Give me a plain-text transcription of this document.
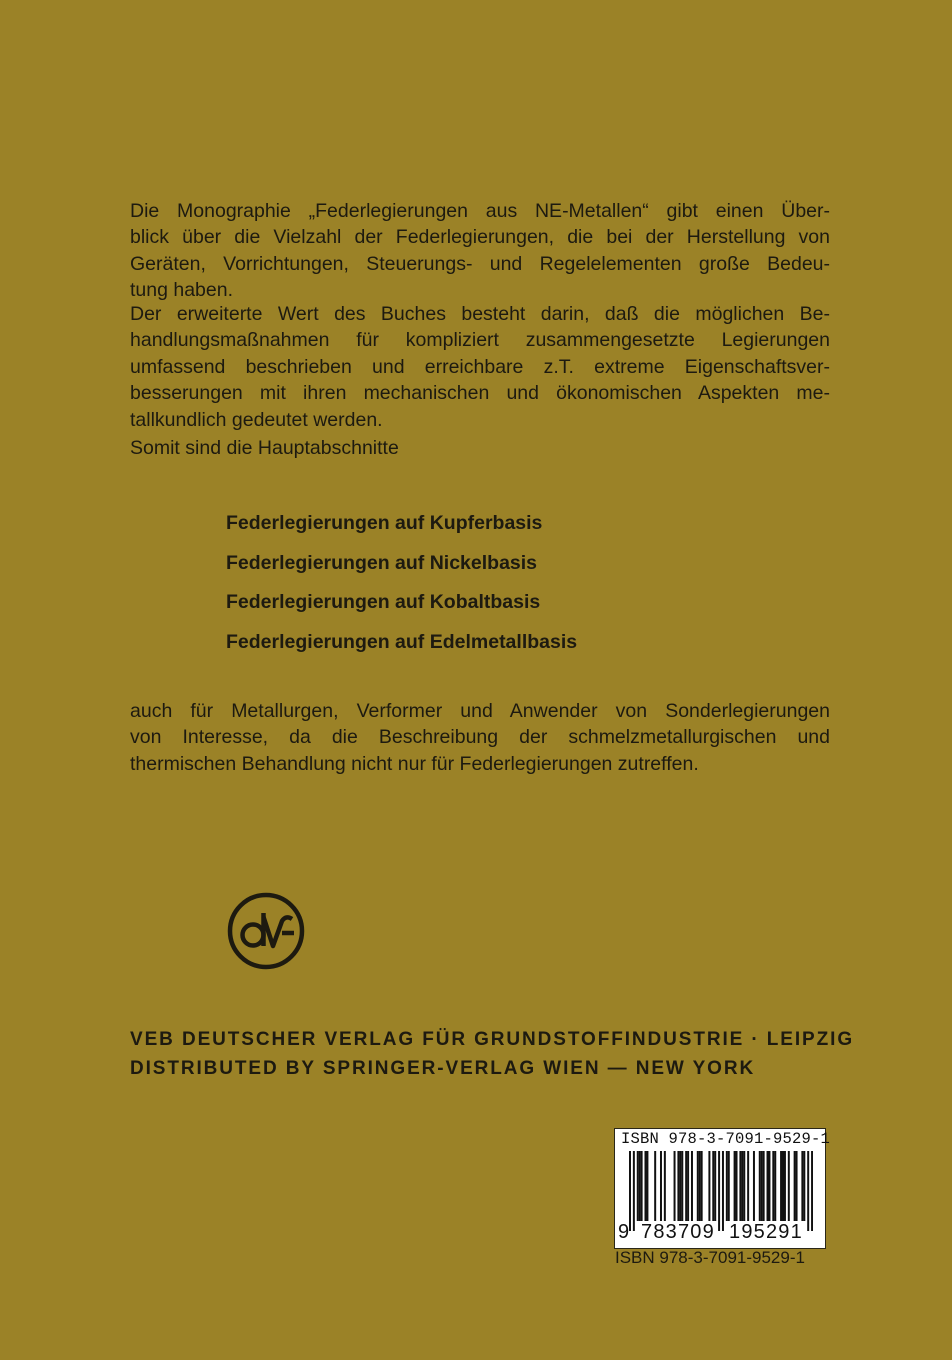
Die Monographie „Federlegierungen aus NE-Metallen“ gibt einen Über-
blick über die Vielzahl der Federlegierungen, die bei der Herstellung von
Geräten, Vorrichtungen, Steuerungs- und Regelelementen große Bedeu-
tung haben.
Der erweiterte Wert des Buches besteht darin, daß die möglichen Be-
handlungsmaßnahmen für kompliziert zusammengesetzte Legierungen
umfassend beschrieben und erreichbare z.T. extreme Eigenschaftsver-
besserungen mit ihren mechanischen und ökonomischen Aspekten me-
tallkundlich gedeutet werden.
Somit sind die Hauptabschnitte
Federlegierungen auf Kupferbasis
Federlegierungen auf Nickelbasis
Federlegierungen auf Kobaltbasis
Federlegierungen auf Edelmetallbasis
auch für Metallurgen, Verformer und Anwender von Sonderlegierungen
von Interesse, da die Beschreibung der schmelzmetallurgischen und
thermischen Behandlung nicht nur für Federlegierungen zutreffen.
VEB DEUTSCHER VERLAG FÜR GRUNDSTOFFINDUSTRIE · LEIPZIG
DISTRIBUTED BY SPRINGER-VERLAG WIEN — NEW YORK
ISBN 978-3-7091-9529-1
9 783709 195291
ISBN 978-3-7091-9529-1
